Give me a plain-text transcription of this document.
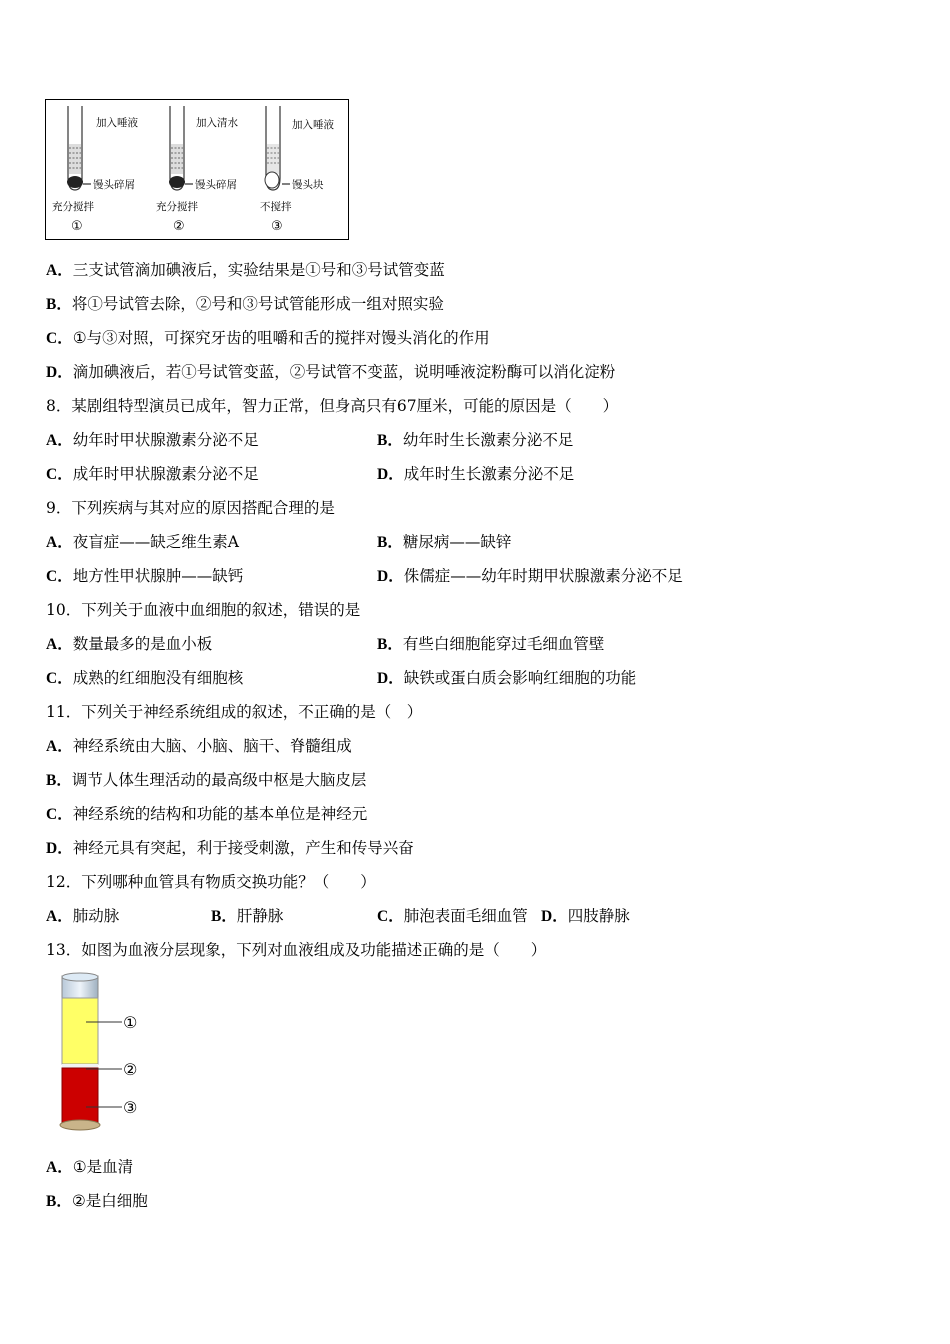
加入唾液
馒头碎屑
充分搅拌
①
加入清水
馒头碎屑
充分搅拌
②
加入唾液
馒头块
不搅拌
③
A．三支试管滴加碘液后，实验结果是①号和③号试管变蓝
B．将①号试管去除，②号和③号试管能形成一组对照实验
C．①与③对照，可探究牙齿的咀嚼和舌的搅拌对馒头消化的作用
D．滴加碘液后，若①号试管变蓝，②号试管不变蓝，说明唾液淀粉酶可以消化淀粉
8．某剧组特型演员已成年，智力正常，但身高只有67厘米，可能的原因是（　　）
A．幼年时甲状腺激素分泌不足	B．幼年时生长激素分泌不足
C．成年时甲状腺激素分泌不足	D．成年时生长激素分泌不足
9．下列疾病与其对应的原因搭配合理的是
A．夜盲症——缺乏维生素A	B．糖尿病——缺锌
C．地方性甲状腺肿——缺钙	D．侏儒症——幼年时期甲状腺激素分泌不足
10．下列关于血液中血细胞的叙述，错误的是
A．数量最多的是血小板	B．有些白细胞能穿过毛细血管壁
C．成熟的红细胞没有细胞核	D．缺铁或蛋白质会影响红细胞的功能
11．下列关于神经系统组成的叙述，不正确的是（　）
A．神经系统由大脑、小脑、脑干、脊髓组成
B．调节人体生理活动的最高级中枢是大脑皮层
C．神经系统的结构和功能的基本单位是神经元
D．神经元具有突起，利于接受刺激，产生和传导兴奋
12．下列哪种血管具有物质交换功能？（　　）
A．肺动脉	B．肝静脉	C．肺泡表面毛细血管 D．四肢静脉
13．如图为血液分层现象，下列对血液组成及功能描述正确的是（　　）
①
②
③
A．①是血清
B．②是白细胞
